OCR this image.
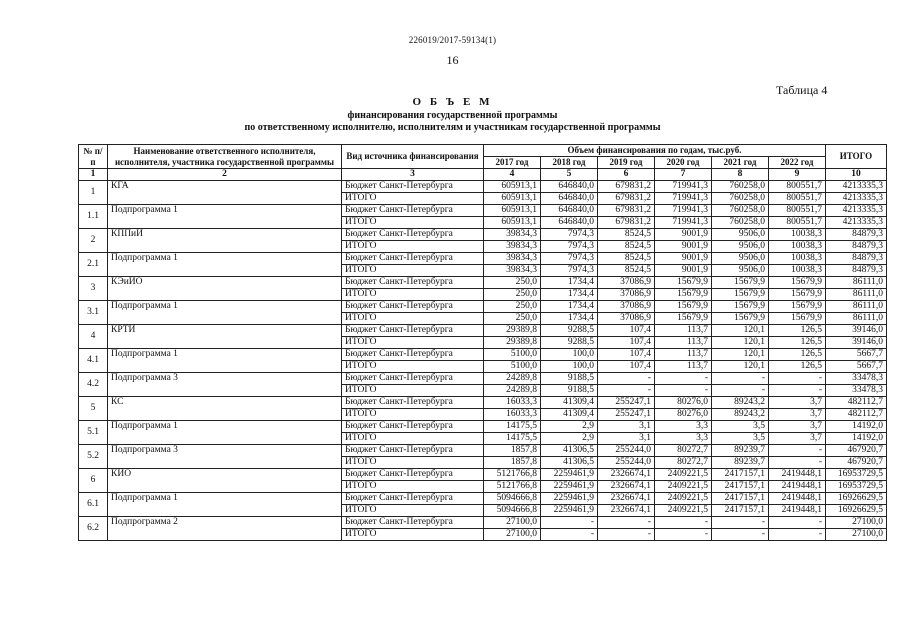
226019/2017-59134(1)
16
Таблица 4
О Б Ъ Е М
финансирования государственной программы
по ответственному исполнителю, исполнителям и участникам государственной программы
№ п/п	Наименование ответственного исполнителя, исполнителя, участника государственной программы	Вид источника финансирования	Объем финансирования по годам, тыс.руб.						ИТОГО
			2017 год	2018 год	2019 год	2020 год	2021 год	2022 год	
1	2	3	4	5	6	7	8	9	10
1	КГА	Бюджет Санкт-Петербурга	605913,1	646840,0	679831,2	719941,3	760258,0	800551,7	4213335,3
		ИТОГО	605913,1	646840,0	679831,2	719941,3	760258,0	800551,7	4213335,3
1.1	Подпрограмма 1	Бюджет Санкт-Петербурга	605913,1	646840,0	679831,2	719941,3	760258,0	800551,7	4213335,3
		ИТОГО	605913,1	646840,0	679831,2	719941,3	760258,0	800551,7	4213335,3
2	КППиИ	Бюджет Санкт-Петербурга	39834,3	7974,3	8524,5	9001,9	9506,0	10038,3	84879,3
		ИТОГО	39834,3	7974,3	8524,5	9001,9	9506,0	10038,3	84879,3
2.1	Подпрограмма 1	Бюджет Санкт-Петербурга	39834,3	7974,3	8524,5	9001,9	9506,0	10038,3	84879,3
		ИТОГО	39834,3	7974,3	8524,5	9001,9	9506,0	10038,3	84879,3
3	КЭиИО	Бюджет Санкт-Петербурга	250,0	1734,4	37086,9	15679,9	15679,9	15679,9	86111,0
		ИТОГО	250,0	1734,4	37086,9	15679,9	15679,9	15679,9	86111,0
3.1	Подпрограмма 1	Бюджет Санкт-Петербурга	250,0	1734,4	37086,9	15679,9	15679,9	15679,9	86111,0
		ИТОГО	250,0	1734,4	37086,9	15679,9	15679,9	15679,9	86111,0
4	КРТИ	Бюджет Санкт-Петербурга	29389,8	9288,5	107,4	113,7	120,1	126,5	39146,0
		ИТОГО	29389,8	9288,5	107,4	113,7	120,1	126,5	39146,0
4.1	Подпрограмма 1	Бюджет Санкт-Петербурга	5100,0	100,0	107,4	113,7	120,1	126,5	5667,7
		ИТОГО	5100,0	100,0	107,4	113,7	120,1	126,5	5667,7
4.2	Подпрограмма 3	Бюджет Санкт-Петербурга	24289,8	9188,5	-	-	-	-	33478,3
		ИТОГО	24289,8	9188,5	-	-	-	-	33478,3
5	КС	Бюджет Санкт-Петербурга	16033,3	41309,4	255247,1	80276,0	89243,2	3,7	482112,7
		ИТОГО	16033,3	41309,4	255247,1	80276,0	89243,2	3,7	482112,7
5.1	Подпрограмма 1	Бюджет Санкт-Петербурга	14175,5	2,9	3,1	3,3	3,5	3,7	14192,0
		ИТОГО	14175,5	2,9	3,1	3,3	3,5	3,7	14192,0
5.2	Подпрограмма 3	Бюджет Санкт-Петербурга	1857,8	41306,5	255244,0	80272,7	89239,7	-	467920,7
		ИТОГО	1857,8	41306,5	255244,0	80272,7	89239,7	-	467920,7
6	КИО	Бюджет Санкт-Петербурга	5121766,8	2259461,9	2326674,1	2409221,5	2417157,1	2419448,1	16953729,5
		ИТОГО	5121766,8	2259461,9	2326674,1	2409221,5	2417157,1	2419448,1	16953729,5
6.1	Подпрограмма 1	Бюджет Санкт-Петербурга	5094666,8	2259461,9	2326674,1	2409221,5	2417157,1	2419448,1	16926629,5
		ИТОГО	5094666,8	2259461,9	2326674,1	2409221,5	2417157,1	2419448,1	16926629,5
6.2	Подпрограмма 2	Бюджет Санкт-Петербурга	27100,0	-	-	-	-	-	27100,0
		ИТОГО	27100,0	-	-	-	-	-	27100,0
